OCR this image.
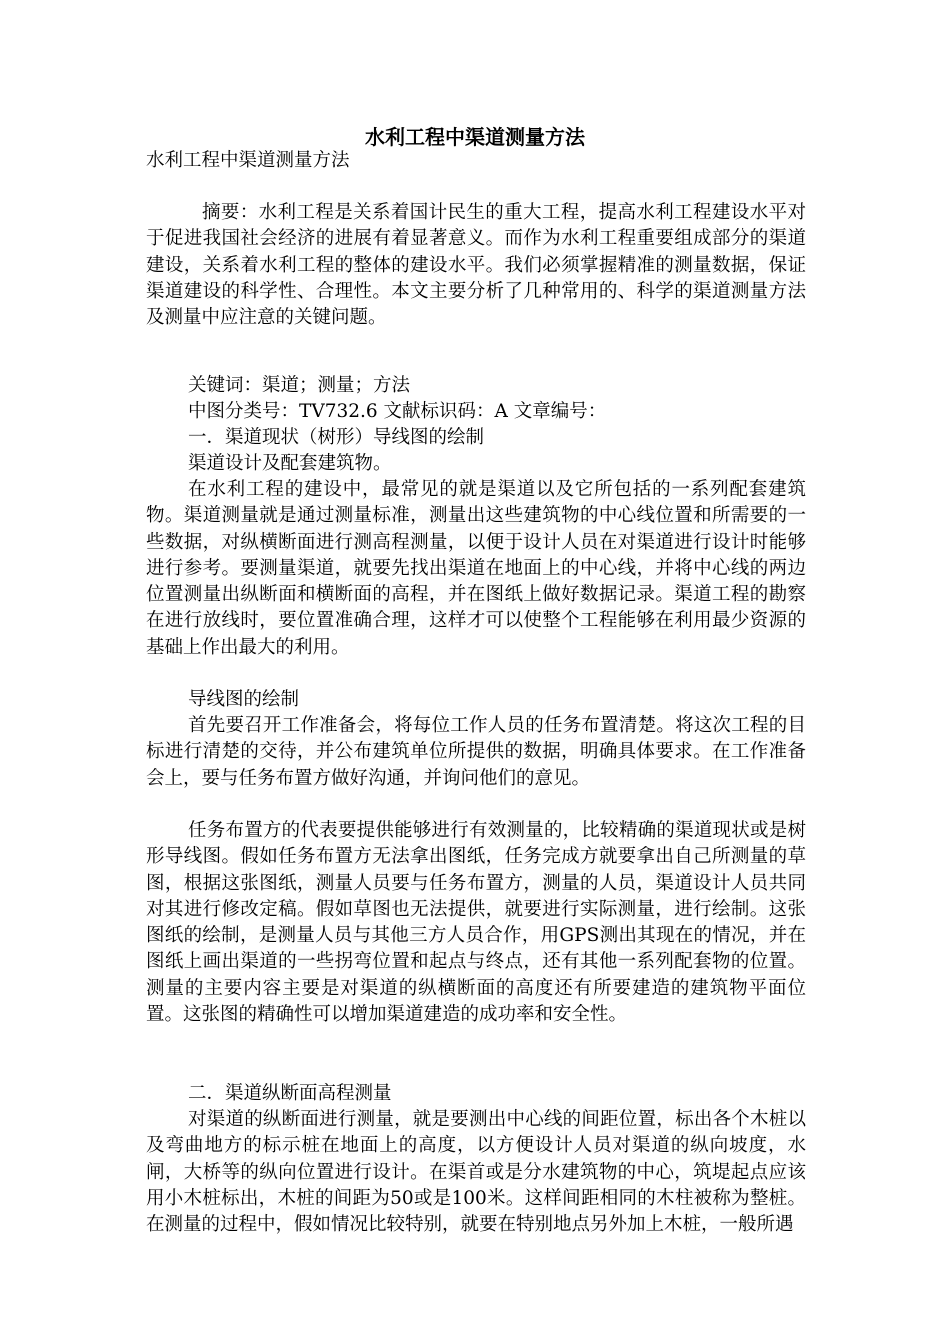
水利工程中渠道测量方法

水利工程中渠道测量方法

摘要：水利工程是关系着国计民生的重大工程，提高水利工程建设水平对于促进我国社会经济的进展有着显著意义。而作为水利工程重要组成部分的渠道建设，关系着水利工程的整体的建设水平。我们必须掌握精准的测量数据，保证渠道建设的科学性、合理性。本文主要分析了几种常用的、科学的渠道测量方法及测量中应注意的关键问题。

关键词：渠道；测量；方法

中图分类号：TV732.6 文献标识码：A 文章编号：

一．渠道现状（树形）导线图的绘制

渠道设计及配套建筑物。

在水利工程的建设中，最常见的就是渠道以及它所包括的一系列配套建筑物。渠道测量就是通过测量标准，测量出这些建筑物的中心线位置和所需要的一些数据，对纵横断面进行测高程测量，以便于设计人员在对渠道进行设计时能够进行参考。要测量渠道，就要先找出渠道在地面上的中心线，并将中心线的两边位置测量出纵断面和横断面的高程，并在图纸上做好数据记录。渠道工程的勘察在进行放线时，要位置准确合理，这样才可以使整个工程能够在利用最少资源的基础上作出最大的利用。

导线图的绘制

首先要召开工作准备会，将每位工作人员的任务布置清楚。将这次工程的目标进行清楚的交待，并公布建筑单位所提供的数据，明确具体要求。在工作准备会上，要与任务布置方做好沟通，并询问他们的意见。

任务布置方的代表要提供能够进行有效测量的，比较精确的渠道现状或是树形导线图。假如任务布置方无法拿出图纸，任务完成方就要拿出自己所测量的草图，根据这张图纸，测量人员要与任务布置方，测量的人员，渠道设计人员共同对其进行修改定稿。假如草图也无法提供，就要进行实际测量，进行绘制。这张图纸的绘制，是测量人员与其他三方人员合作，用GPS测出其现在的情况，并在图纸上画出渠道的一些拐弯位置和起点与终点，还有其他一系列配套物的位置。测量的主要内容主要是对渠道的纵横断面的高度还有所要建造的建筑物平面位置。这张图的精确性可以增加渠道建造的成功率和安全性。

二．渠道纵断面高程测量

对渠道的纵断面进行测量，就是要测出中心线的间距位置，标出各个木桩以及弯曲地方的标示桩在地面上的高度，以方便设计人员对渠道的纵向坡度，水闸，大桥等的纵向位置进行设计。在渠首或是分水建筑物的中心，筑堤起点应该用小木桩标出，木桩的间距为50或是100米。这样间距相同的木柱被称为整桩。在测量的过程中，假如情况比较特别，就要在特别地点另外加上木桩，一般所遇
